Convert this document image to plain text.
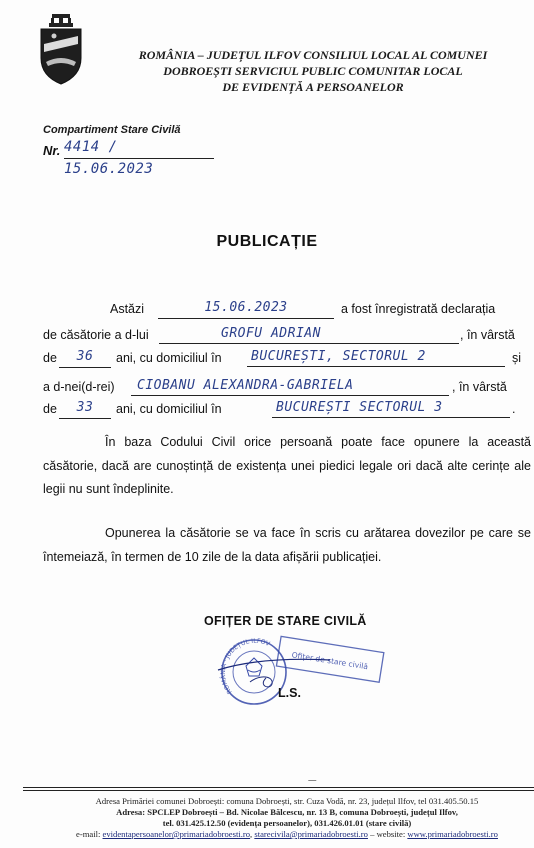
ROMÂNIA – JUDEȚUL ILFOV CONSILIUL LOCAL AL COMUNEI
DOBROEȘTI SERVICIUL PUBLIC COMUNITAR LOCAL
DE EVIDENȚĂ A PERSOANELOR
Compartiment Stare Civilă
Nr. 4414 / 15.06.2023
PUBLICAȚIE
Astăzi	15.06.2023	a fost înregistrată declarația
de căsătorie a d-lui	GROFU ADRIAN	, în vârstă
de	36	ani, cu domiciliul în	BUCUREȘTI, SECTORUL 2	și
a d-nei(d-rei)	CIOBANU ALEXANDRA-GABRIELA	, în vârstă
de	33	ani, cu domiciliul în	BUCUREȘTI SECTORUL 3	.
În baza Codului Civil orice persoană poate face opunere la această căsătorie, dacă are cunoștință de existența unei piedici legale ori dacă alte cerințe ale legii nu sunt îndeplinite.
Opunerea la căsătorie se va face în scris cu arătarea dovezilor pe care se întemeiază, în termen de 10 zile de la data afișării publicației.
OFIȚER DE STARE CIVILĂ
ROMÂNIA · JUDEȚUL ILFOV
Ofițer de stare civilă
L.S.
Adresa Primăriei comunei Dobroești: comuna Dobroești, str. Cuza Vodă, nr. 23, județul Ilfov, tel 031.405.50.15
Adresa: SPCLEP Dobroești – Bd. Nicolae Bălcescu, nr. 13 B, comuna Dobroești, județul Ilfov,
tel. 031.425.12.50 (evidența persoanelor), 031.426.01.01 (stare civilă)
e-mail: evidentapersoanelor@primariadobroesti.ro, starecivila@primariadobroesti.ro – website: www.primariadobroesti.ro
